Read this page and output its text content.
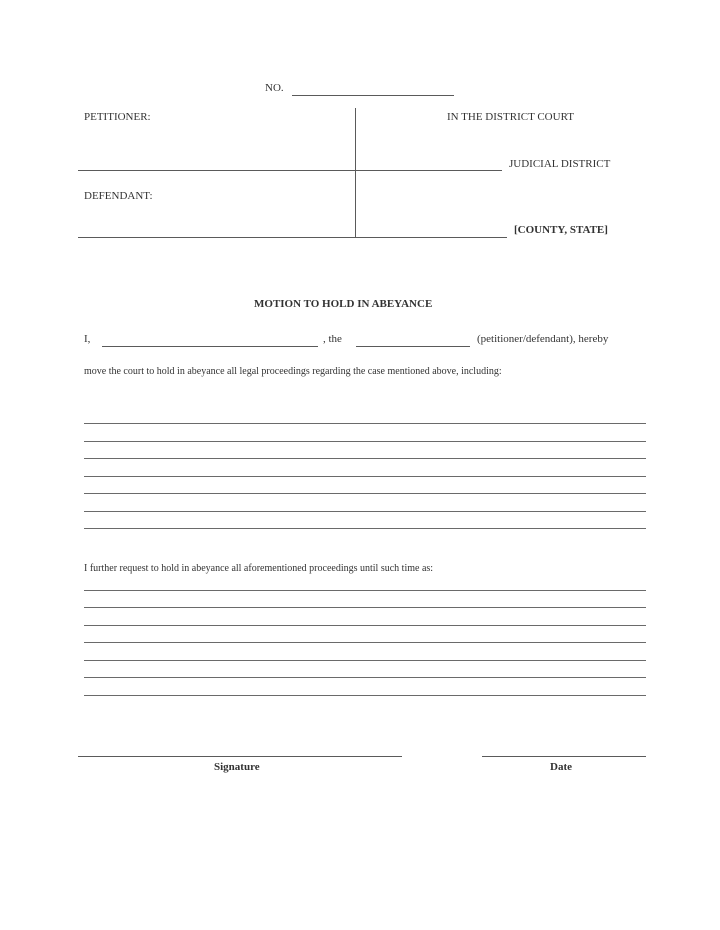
NO.
PETITIONER:	IN THE DISTRICT COURT
JUDICIAL DISTRICT
DEFENDANT:
[COUNTY, STATE]
MOTION TO HOLD IN ABEYANCE
I,	, the	(petitioner/defendant), hereby
move the court to hold in abeyance all legal proceedings regarding the case mentioned above, including:
I further request to hold in abeyance all aforementioned proceedings until such time as:
Signature	Date
